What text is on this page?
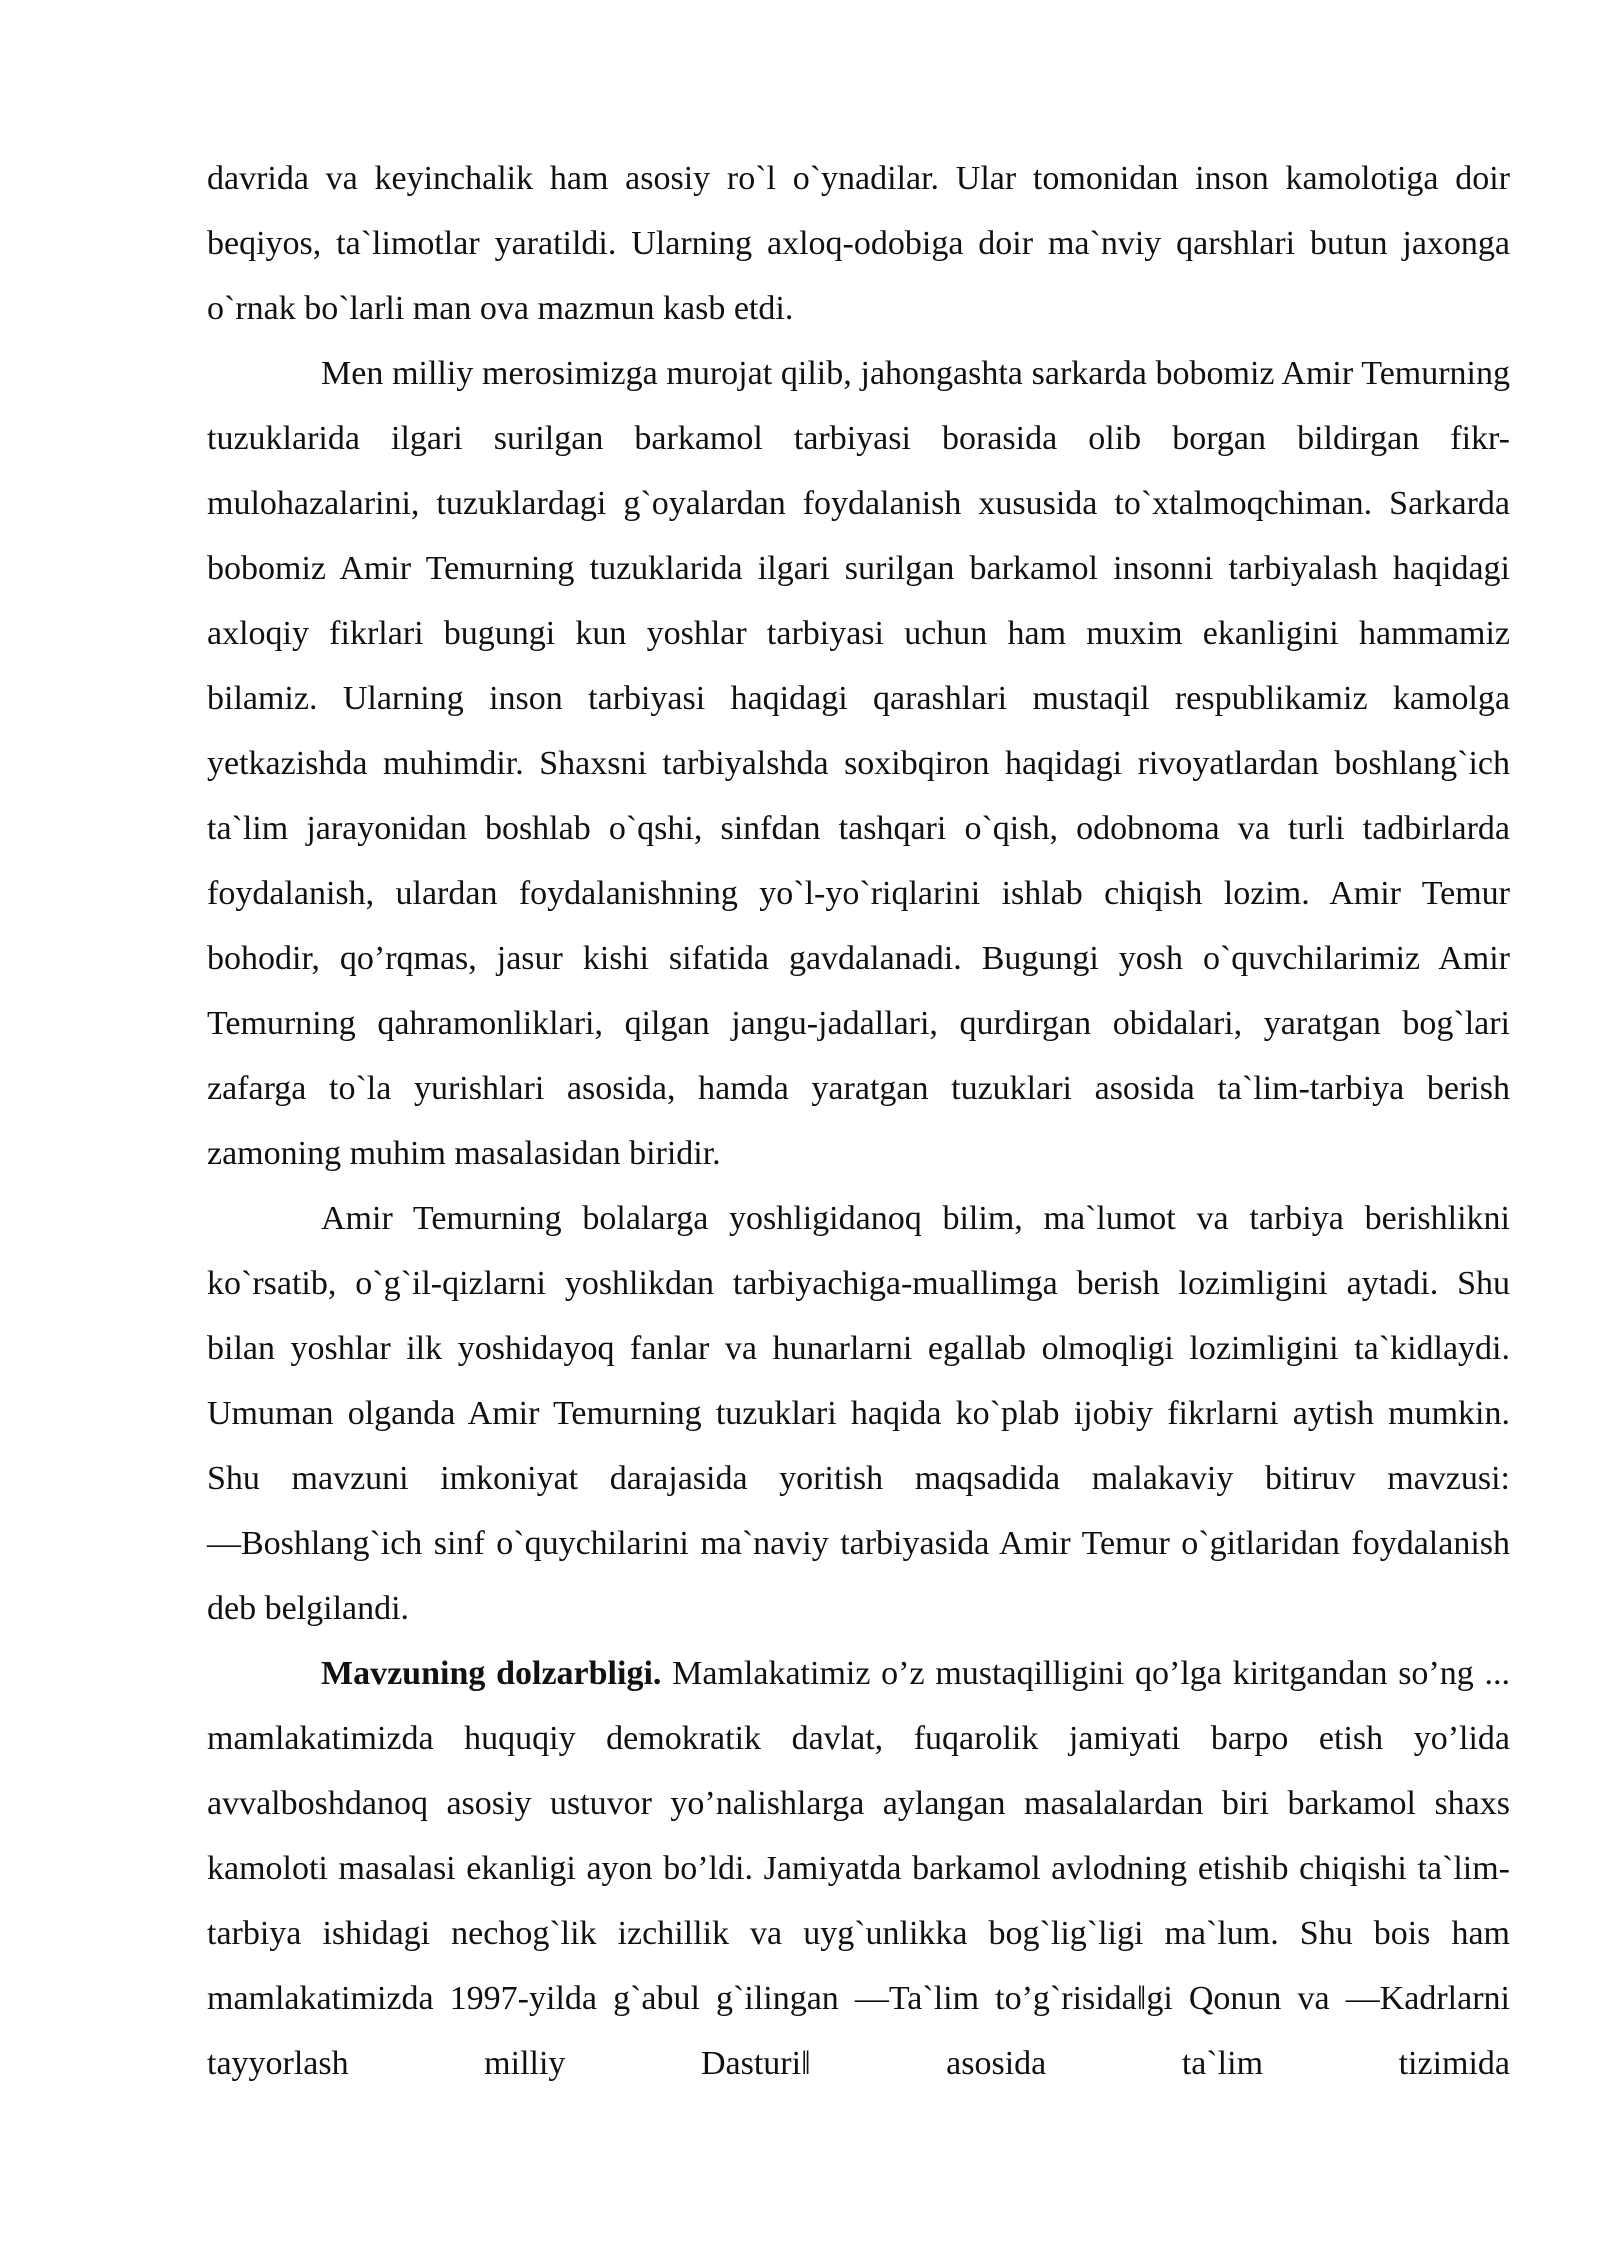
davrida va keyinchalik ham asosiy ro`l o`ynadilar. Ular tomonidan inson kamolotiga doir beqiyos, ta`limotlar yaratildi. Ularning axloq-odobiga doir ma`nviy qarshlari butun jaxonga o`rnak bo`larli man ova mazmun kasb etdi.

Men milliy merosimizga murojat qilib, jahongashta sarkarda bobomiz Amir Temurning tuzuklarida ilgari surilgan barkamol tarbiyasi borasida olib borgan bildirgan fikr-mulohazalarini, tuzuklardagi g`oyalardan foydalanish xususida to`xtalmoqchiman. Sarkarda bobomiz Amir Temurning tuzuklarida ilgari surilgan barkamol insonni tarbiyalash haqidagi axloqiy fikrlari bugungi kun yoshlar tarbiyasi uchun ham muxim ekanligini hammamiz bilamiz. Ularning inson tarbiyasi haqidagi qarashlari mustaqil respublikamiz kamolga yetkazishda muhimdir. Shaxsni tarbiyalshda soxibqiron haqidagi rivoyatlardan boshlang`ich ta`lim jarayonidan boshlab o`qshi, sinfdan tashqari o`qish, odobnoma va turli tadbirlarda foydalanish, ulardan foydalanishning yo`l-yo`riqlarini ishlab chiqish lozim. Amir Temur bohodir, qo’rqmas, jasur kishi sifatida gavdalanadi. Bugungi yosh o`quvchilarimiz Amir Temurning qahramonliklari, qilgan jangu-jadallari, qurdirgan obidalari, yaratgan bog`lari zafarga to`la yurishlari asosida, hamda yaratgan tuzuklari asosida ta`lim-tarbiya berish zamoning muhim masalasidan biridir.

Amir Temurning bolalarga yoshligidanoq bilim, ma`lumot va tarbiya berishlikni ko`rsatib, o`g`il-qizlarni yoshlikdan tarbiyachiga-muallimga berish lozimligini aytadi. Shu bilan yoshlar ilk yoshidayoq fanlar va hunarlarni egallab olmoqligi lozimligini ta`kidlaydi. Umuman olganda Amir Temurning tuzuklari haqida ko`plab ijobiy fikrlarni aytish mumkin. Shu mavzuni imkoniyat darajasida yoritish maqsadida malakaviy bitiruv mavzusi: ―Boshlang`ich sinf o`quychilarini ma`naviy tarbiyasida Amir Temur o`gitlaridan foydalanish deb belgilandi.

Mavzuning dolzarbligi. Mamlakatimiz o’z mustaqilligini qo’lga kiritgandan so’ng ... mamlakatimizda huquqiy demokratik davlat, fuqarolik jamiyati barpo etish yo’lida avvalboshdanoq asosiy ustuvor yo’nalishlarga aylangan masalalardan biri barkamol shaxs kamoloti masalasi ekanligi ayon bo’ldi. Jamiyatda barkamol avlodning etishib chiqishi ta`lim-tarbiya ishidagi nechog`lik izchillik va uyg`unlikka bog`lig`ligi ma`lum. Shu bois ham mamlakatimizda 1997-yilda g`abul g`ilingan ―Ta`lim to’g`risida‖gi Qonun va ―Kadrlarni tayyorlash milliy Dasturi‖ asosida ta`lim tizimida
